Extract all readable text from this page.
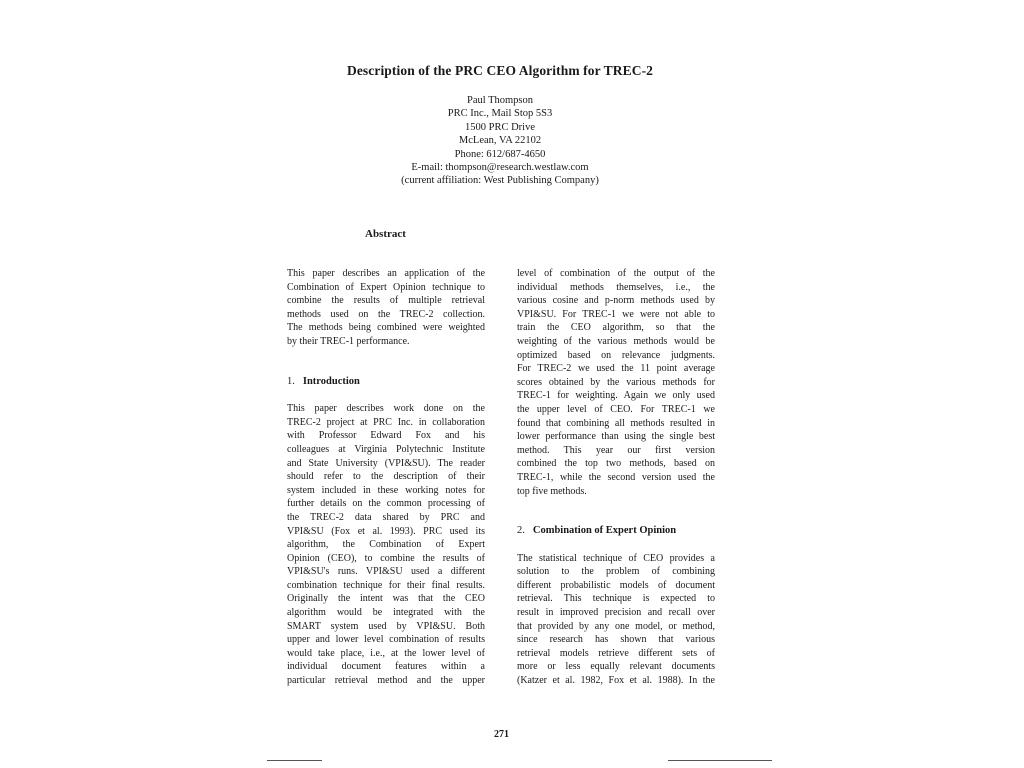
Description of the PRC CEO Algorithm for TREC-2
Paul Thompson
PRC Inc., Mail Stop 5S3
1500 PRC Drive
McLean, VA 22102
Phone: 612/687-4650
E-mail: thompson@research.westlaw.com
(current affiliation: West Publishing Company)
Abstract
This paper describes an application of the
Combination of Expert Opinion technique to
combine the results of multiple retrieval
methods used on the TREC-2 collection.
The methods being combined were weighted
by their TREC-1 performance.
1. Introduction
This paper describes work done on the
TREC-2 project at PRC Inc. in collaboration
with Professor Edward Fox and his
colleagues at Virginia Polytechnic Institute
and State University (VPI&SU). The reader
should refer to the description of their
system included in these working notes for
further details on the common processing of
the TREC-2 data shared by PRC and
VPI&SU (Fox et al. 1993). PRC used its
algorithm, the Combination of Expert
Opinion (CEO), to combine the results of
VPI&SU's runs. VPI&SU used a different
combination technique for their final results.
Originally the intent was that the CEO
algorithm would be integrated with the
SMART system used by VPI&SU. Both
upper and lower level combination of results
would take place, i.e., at the lower level of
individual document features within a
particular retrieval method and the upper
level of combination of the output of the
individual methods themselves, i.e., the
various cosine and p-norm methods used by
VPI&SU. For TREC-1 we were not able to
train the CEO algorithm, so that the
weighting of the various methods would be
optimized based on relevance judgments.
For TREC-2 we used the 11 point average
scores obtained by the various methods for
TREC-1 for weighting. Again we only used
the upper level of CEO. For TREC-1 we
found that combining all methods resulted in
lower performance than using the single best
method. This year our first version
combined the top two methods, based on
TREC-1, while the second version used the
top five methods.
2. Combination of Expert Opinion
The statistical technique of CEO provides a
solution to the problem of combining
different probabilistic models of document
retrieval. This technique is expected to
result in improved precision and recall over
that provided by any one model, or method,
since research has shown that various
retrieval models retrieve different sets of
more or less equally relevant documents
(Katzer et al. 1982, Fox et al. 1988). In the
271
